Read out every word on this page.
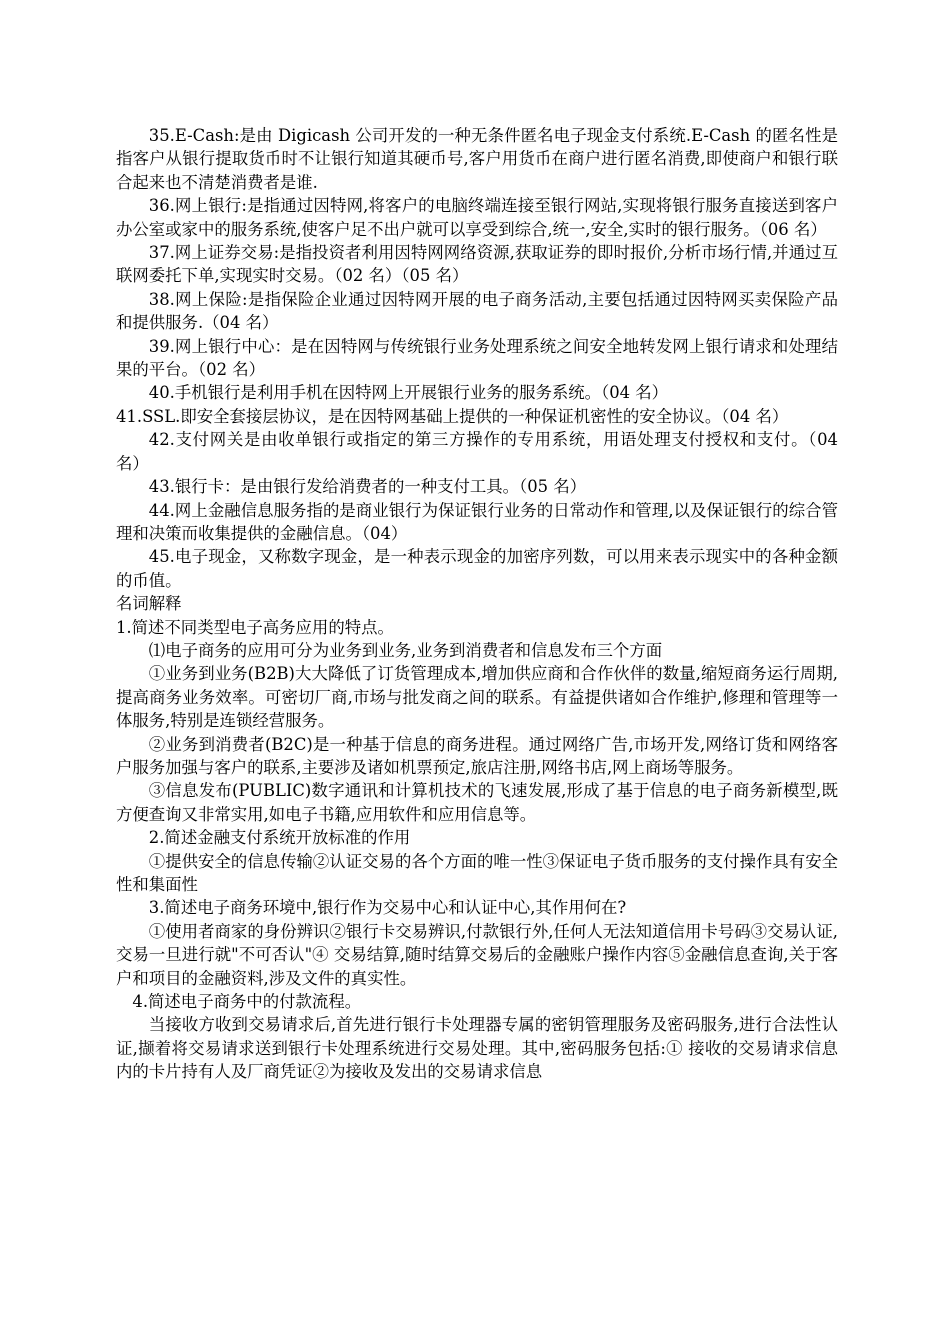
35.E-Cash:是由 Digicash 公司开发的一种无条件匿名电子现金支付系统.E-Cash 的匿名性是指客户从银行提取货币时不让银行知道其硬币号,客户用货币在商户进行匿名消费,即使商户和银行联合起来也不清楚消费者是谁.

36.网上银行:是指通过因特网,将客户的电脑终端连接至银行网站,实现将银行服务直接送到客户办公室或家中的服务系统,使客户足不出户就可以享受到综合,统一,安全,实时的银行服务。（06 名）

37.网上证券交易:是指投资者利用因特网网络资源,获取证券的即时报价,分析市场行情,并通过互联网委托下单,实现实时交易。（02 名）（05 名）

38.网上保险:是指保险企业通过因特网开展的电子商务活动,主要包括通过因特网买卖保险产品和提供服务.（04 名）

39.网上银行中心：是在因特网与传统银行业务处理系统之间安全地转发网上银行请求和处理结果的平台。（02 名）

40.手机银行是利用手机在因特网上开展银行业务的服务系统。（04 名）

41.SSL.即安全套接层协议，是在因特网基础上提供的一种保证机密性的安全协议。（04 名）

42.支付网关是由收单银行或指定的第三方操作的专用系统，用语处理支付授权和支付。（04 名）

43.银行卡：是由银行发给消费者的一种支付工具。（05 名）

44.网上金融信息服务指的是商业银行为保证银行业务的日常动作和管理,以及保证银行的综合管理和决策而收集提供的金融信息。（04）

45.电子现金，又称数字现金，是一种表示现金的加密序列数，可以用来表示现实中的各种金额的币值。

名词解释

1.简述不同类型电子高务应用的特点。

⑴电子商务的应用可分为业务到业务,业务到消费者和信息发布三个方面

①业务到业务(B2B)大大降低了订货管理成本,增加供应商和合作伙伴的数量,缩短商务运行周期,提高商务业务效率。可密切厂商,市场与批发商之间的联系。有益提供诸如合作维护,修理和管理等一体服务,特别是连锁经营服务。

②业务到消费者(B2C)是一种基于信息的商务进程。通过网络广告,市场开发,网络订货和网络客户服务加强与客户的联系,主要涉及诸如机票预定,旅店注册,网络书店,网上商场等服务。

③信息发布(PUBLIC)数字通讯和计算机技术的飞速发展,形成了基于信息的电子商务新模型,既方便查询又非常实用,如电子书籍,应用软件和应用信息等。

2.简述金融支付系统开放标准的作用

①提供安全的信息传输②认证交易的各个方面的唯一性③保证电子货币服务的支付操作具有安全性和集面性

3.简述电子商务环境中,银行作为交易中心和认证中心,其作用何在?

①使用者商家的身份辨识②银行卡交易辨识,付款银行外,任何人无法知道信用卡号码③交易认证,交易一旦进行就"不可否认"④ 交易结算,随时结算交易后的金融账户操作内容⑤金融信息查询,关于客户和项目的金融资料,涉及文件的真实性。

4.简述电子商务中的付款流程。

当接收方收到交易请求后,首先进行银行卡处理器专属的密钥管理服务及密码服务,进行合法性认证,撷着将交易请求送到银行卡处理系统进行交易处理。其中,密码服务包括:① 接收的交易请求信息内的卡片持有人及厂商凭证②为接收及发出的交易请求信息
